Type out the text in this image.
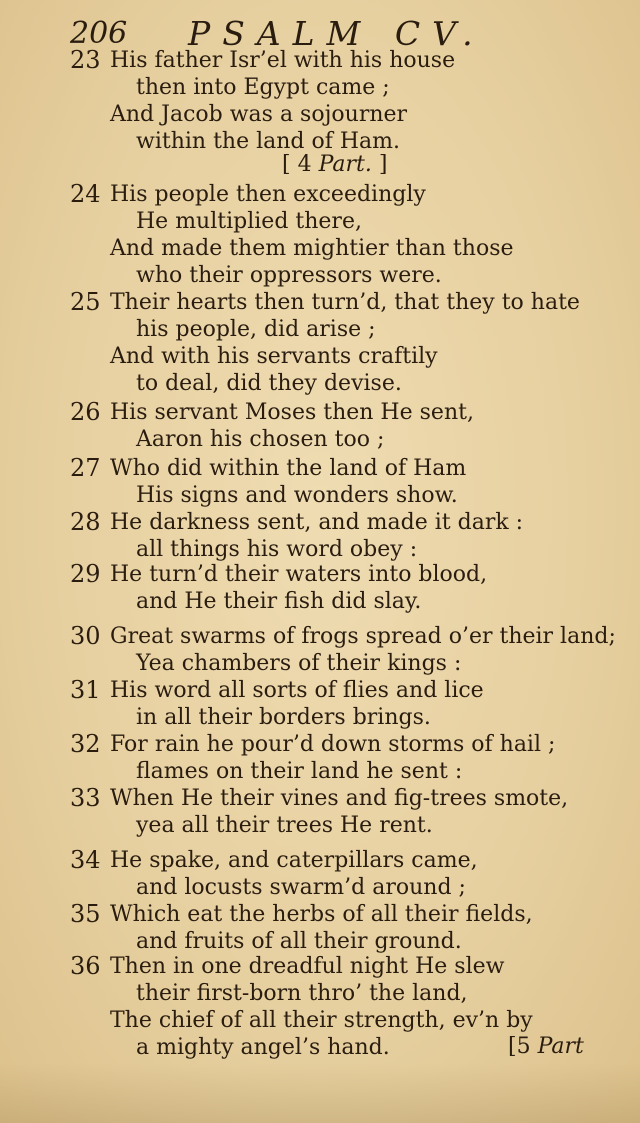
206 PSALM CV.
23 His father Isr’el with his house
then into Egypt came ;
And Jacob was a sojourner
within the land of Ham.
24 His people then exceedingly
He multiplied there,
And made them mightier than those
who their oppressors were.
25 Their hearts then turn’d, that they to hate
his people, did arise ;
And with his servants craftily
to deal, did they devise.
26 His servant Moses then He sent,
Aaron his chosen too ;
27 Who did within the land of Ham
His signs and wonders show.
28 He darkness sent, and made it dark :
all things his word obey :
29 He turn’d their waters into blood,
and He their fish did slay.
30 Great swarms of frogs spread o’er their land;
Yea chambers of their kings :
31 His word all sorts of flies and lice
in all their borders brings.
32 For rain he pour’d down storms of hail ;
flames on their land he sent :
33 When He their vines and fig-trees smote,
yea all their trees He rent.
34 He spake, and caterpillars came,
and locusts swarm’d around ;
35 Which eat the herbs of all their fields,
and fruits of all their ground.
36 Then in one dreadful night He slew
their first-born thro’ the land,
The chief of all their strength, ev’n by
a mighty angel’s hand.
[ 4 Part. ]
[5 Part
